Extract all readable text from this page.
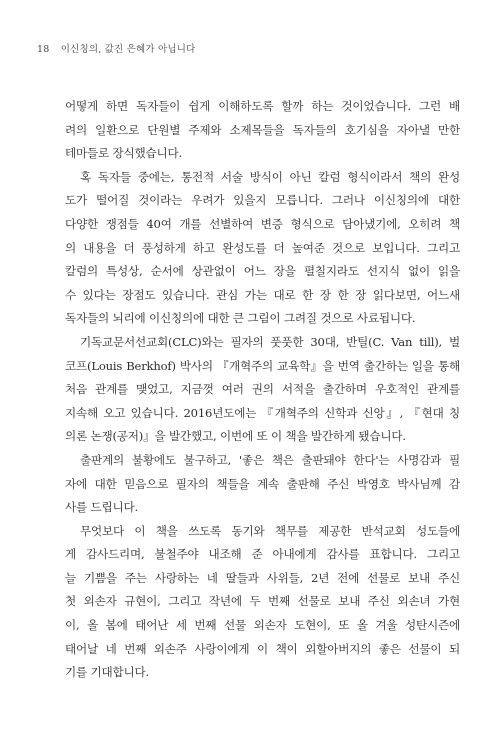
18 이신칭의, 값진 은혜가 아닙니다
어떻게 하면 독자들이 쉽게 이해하도록 할까 하는 것이었습니다. 그런 배
려의 일환으로 단원별 주제와 소제목들을 독자들의 호기심을 자아낼 만한
테마들로 장식했습니다.
혹 독자들 중에는, 통전적 서술 방식이 아닌 칼럼 형식이라서 책의 완성
도가 떨어질 것이라는 우려가 있을지 모릅니다. 그러나 이신칭의에 대한
다양한 쟁점들 40여 개를 선별하여 변증 형식으로 담아냈기에, 오히려 책
의 내용을 더 풍성하게 하고 완성도를 더 높여준 것으로 보입니다. 그리고
칼럼의 특성상, 순서에 상관없이 어느 장을 펼칠지라도 선지식 없이 읽을
수 있다는 장점도 있습니다. 관심 가는 대로 한 장 한 장 읽다보면, 어느새
독자들의 뇌리에 이신칭의에 대한 큰 그림이 그려질 것으로 사료됩니다.
기독교문서선교회(CLC)와는 필자의 풋풋한 30대, 반틸(C. Van till), 벌
코프(Louis Berkhof) 박사의 『개혁주의 교육학』을 번역 출간하는 일을 통해
처음 관계를 맺었고, 지금껏 여러 권의 서적을 출간하며 우호적인 관계를
지속해 오고 있습니다. 2016년도에는 『개혁주의 신학과 신앙』, 『현대 칭
의론 논쟁(공저)』을 발간했고, 이번에 또 이 책을 발간하게 됐습니다.
출판계의 불황에도 불구하고, '좋은 책은 출판돼야 한다'는 사명감과 필
자에 대한 믿음으로 필자의 책들을 계속 출판해 주신 박영호 박사님께 감
사를 드립니다.
무엇보다 이 책을 쓰도록 동기와 책무를 제공한 반석교회 성도들에
게 감사드리며, 불철주야 내조해 준 아내에게 감사를 표합니다. 그리고
늘 기쁨을 주는 사랑하는 네 딸들과 사위들, 2년 전에 선물로 보내 주신
첫 외손자 규현이, 그리고 작년에 두 번째 선물로 보내 주신 외손녀 가현
이, 올 봄에 태어난 세 번째 선물 외손자 도현이, 또 올 겨울 성탄시즌에
태어날 네 번째 외손주 사랑이에게 이 책이 외할아버지의 좋은 선물이 되
기를 기대합니다.
